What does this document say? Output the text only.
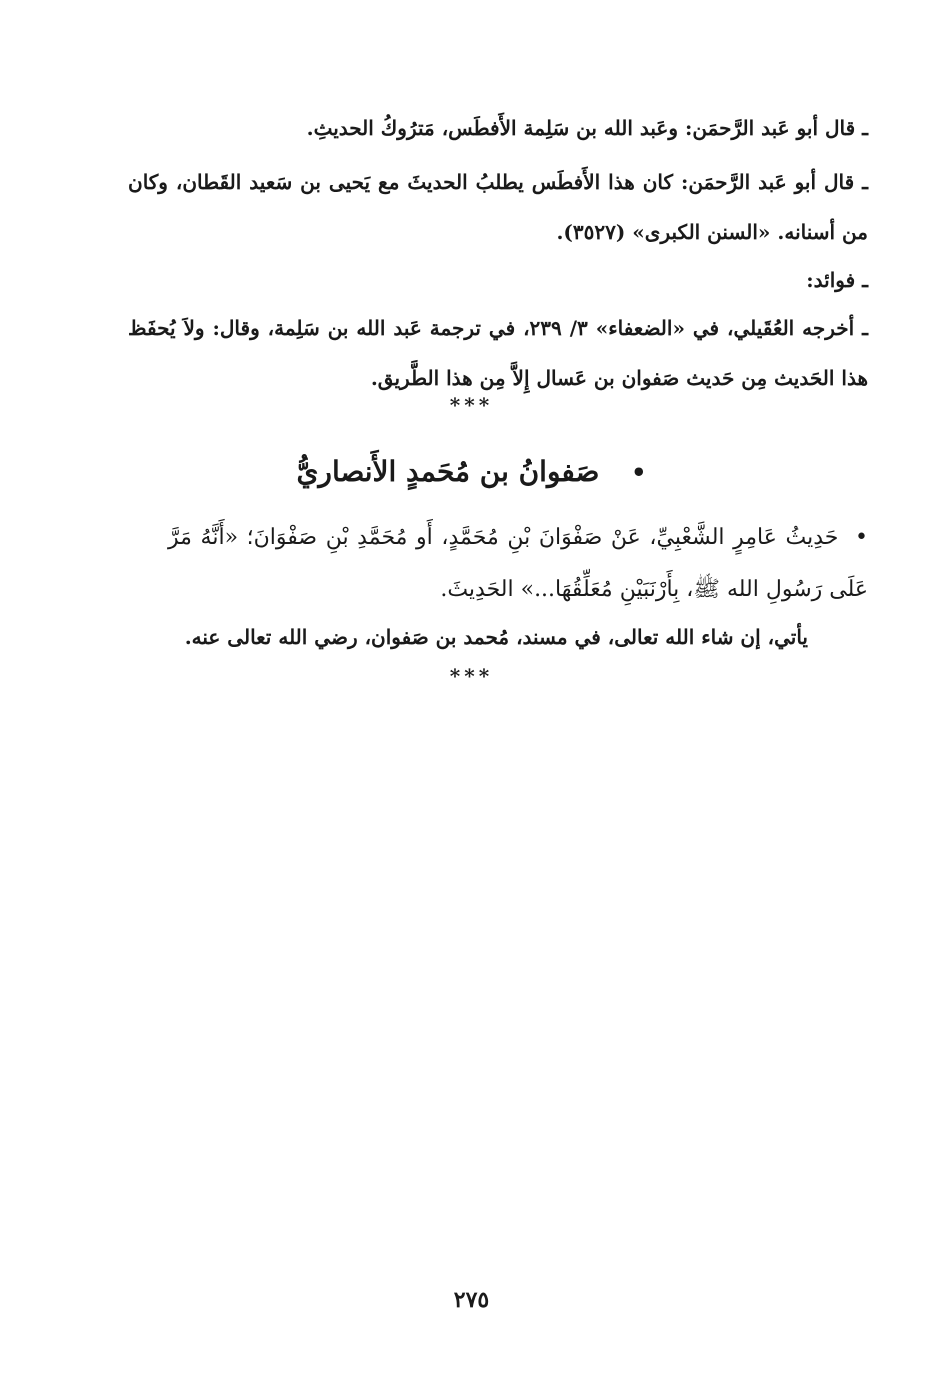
ـ قال أبو عَبد الرَّحمَن: وعَبد الله بن سَلِمة الأَفطَس، مَترُوكُ الحديثِ.
ـ قال أبو عَبد الرَّحمَن: كان هذا الأَفطَس يطلبُ الحديثَ مع يَحيى بن سَعيد القَطان، وكان من أسنانه. «السنن الكبرى» (٣٥٢٧).
ـ فوائد:
ـ أخرجه العُقَيلي، في «الضعفاء» ٣/ ٢٣٩، في ترجمة عَبد الله بن سَلِمة، وقال: ولاَ يُحفَظ هذا الحَديث مِن حَديث صَفوان بن عَسال إِلاَّ مِن هذا الطَّريق.
***
• صَفوانُ بن مُحَمدٍ الأَنصاريُّ
• حَدِيثُ عَامِرٍ الشَّعْبِيِّ، عَنْ صَفْوَانَ بْنِ مُحَمَّدٍ، أَو مُحَمَّدِ بْنِ صَفْوَانَ؛ «أَنَّهُ مَرَّ عَلَى رَسُولِ الله ﷺ، بِأَرْنَبَيْنِ مُعَلِّقُهَا...» الحَدِيثَ.
يأتي، إن شاء الله تعالى، في مسند، مُحمد بن صَفوان، رضي الله تعالى عنه.
***
٢٧٥
